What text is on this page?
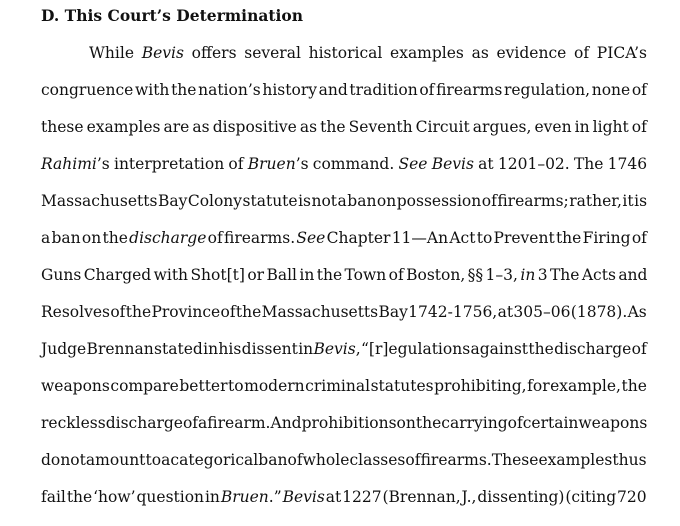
D. This Court’s Determination
While Bevis offers several historical examples as evidence of PICA’s
congruence with the nation’s history and tradition of firearms regulation, none of
these examples are as dispositive as the Seventh Circuit argues, even in light of
Rahimi’s interpretation of Bruen’s command. See Bevis at 1201–02. The 1746
Massachusetts Bay Colony statute is not a ban on possession of firearms; rather, it is
a ban on the discharge of firearms. See Chapter 11—An Act to Prevent the Firing of
Guns Charged with Shot[t] or Ball in the Town of Boston, §§ 1–3, in 3 The Acts and
Resolves of the Province of the Massachusetts Bay 1742-1756, at 305–06 (1878). As
Judge Brennan stated in his dissent in Bevis, “[r]egulations against the discharge of
weapons compare better to modern criminal statutes prohibiting, for example, the
reckless discharge of a firearm. And prohibitions on the carrying of certain weapons
do not amount to a categorical ban of whole classes of firearms. These examples thus
fail the ‘how’ question in Bruen.” Bevis at 1227 (Brennan, J., dissenting) (citing 720
